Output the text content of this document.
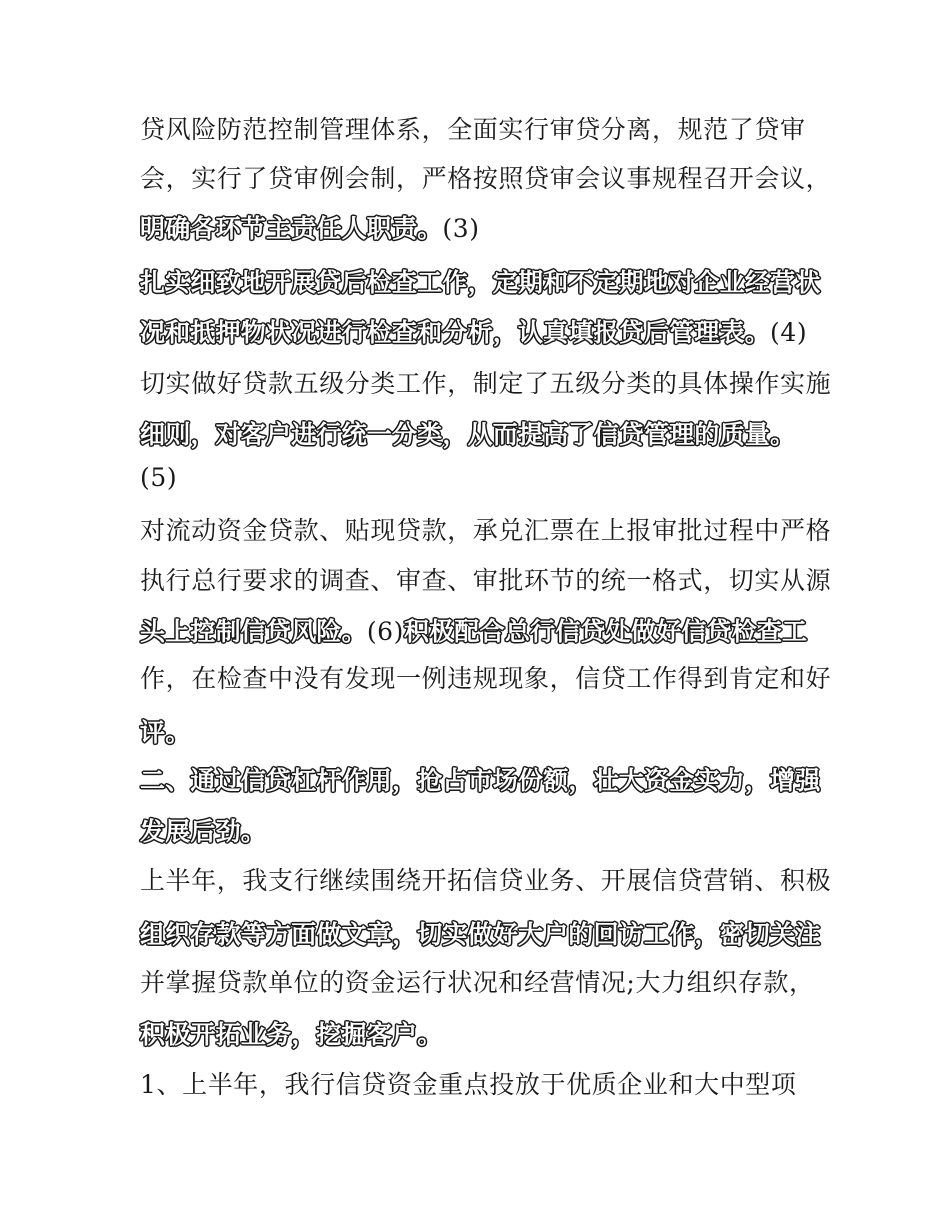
贷风险防范控制管理体系，全面实行审贷分离，规范了贷审
会，实行了贷审例会制，严格按照贷审会议事规程召开会议，
明确各环节主责任人职责。(3)
扎实细致地开展贷后检查工作，定期和不定期地对企业经营状
况和抵押物状况进行检查和分析，认真填报贷后管理表。(4)
切实做好贷款五级分类工作，制定了五级分类的具体操作实施
细则，对客户进行统一分类，从而提高了信贷管理的质量。
(5)
对流动资金贷款、贴现贷款，承兑汇票在上报审批过程中严格
执行总行要求的调查、审查、审批环节的统一格式，切实从源
头上控制信贷风险。(6)积极配合总行信贷处做好信贷检查工
作，在检查中没有发现一例违规现象，信贷工作得到肯定和好
评。
二、通过信贷杠杆作用，抢占市场份额，壮大资金实力，增强
发展后劲。
上半年，我支行继续围绕开拓信贷业务、开展信贷营销、积极
组织存款等方面做文章，切实做好大户的回访工作，密切关注
并掌握贷款单位的资金运行状况和经营情况;大力组织存款，
积极开拓业务，挖掘客户。
1、上半年，我行信贷资金重点投放于优质企业和大中型项
